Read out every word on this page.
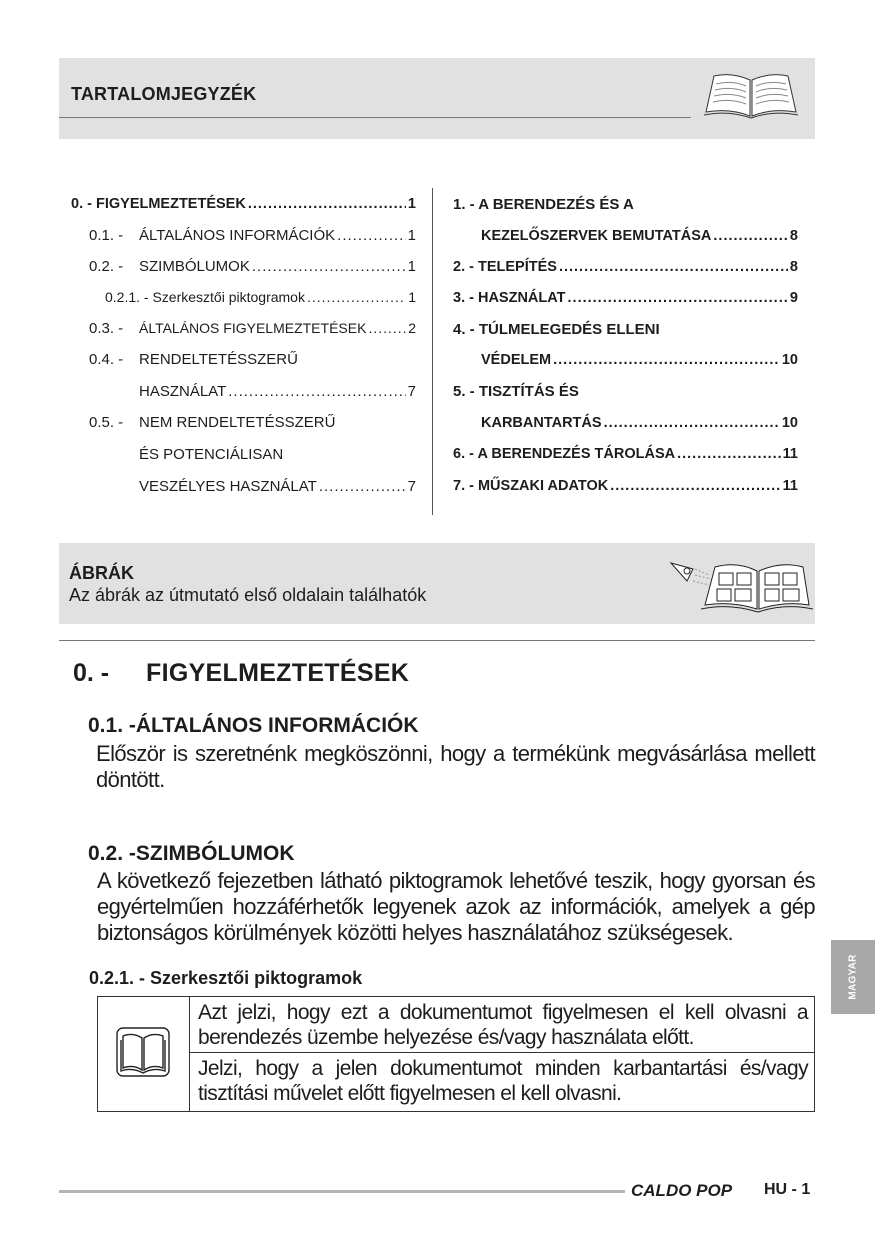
TARTALOMJEGYZÉK
0. - FIGYELMEZTETÉSEK .....	1
0.1. - ÁLTALÁNOS INFORMÁCIÓK .....	1
0.2. - SZIMBÓLUMOK .....	1
0.2.1. - Szerkesztői piktogramok .....	1
0.3. - ÁLTALÁNOS FIGYELMEZTETÉSEK .....	2
0.4. - RENDELTETÉSSZERŰ
HASZNÁLAT .....	7
0.5. - NEM RENDELTETÉSSZERŰ
ÉS POTENCIÁLISAN
VESZÉLYES HASZNÁLAT .....	7
1. - A BERENDEZÉS ÉS A
KEZELŐSZERVEK BEMUTATÁSA .....	8
2. - TELEPÍTÉS .....	8
3. - HASZNÁLAT .....	9
4. - TÚLMELEGEDÉS ELLENI
VÉDELEM .....	10
5. - TISZTÍTÁS ÉS
KARBANTARTÁS .....	10
6. - A BERENDEZÉS TÁROLÁSA .....	11
7. - MŰSZAKI ADATOK .....	11
ÁBRÁK
Az ábrák az útmutató első oldalain találhatók
0. - FIGYELMEZTETÉSEK
0.1. -ÁLTALÁNOS INFORMÁCIÓK
Először is szeretnénk megköszönni, hogy a termékünk megvásárlása mellett döntött.
0.2. -SZIMBÓLUMOK
A következő fejezetben látható piktogramok lehetővé teszik, hogy gyorsan és egyértelműen hozzáférhetők legyenek azok az információk, amelyek a gép biztonságos körülmények közötti helyes használatához szükségesek.
0.2.1. - Szerkesztői piktogramok
Azt jelzi, hogy ezt a dokumentumot figyelmesen el kell olvasni a berendezés üzembe helyezése és/vagy használata előtt.
Jelzi, hogy a jelen dokumentumot minden karbantartási és/vagy tisztítási művelet előtt figyelmesen el kell olvasni.
MAGYAR
CALDO POP HU - 1
